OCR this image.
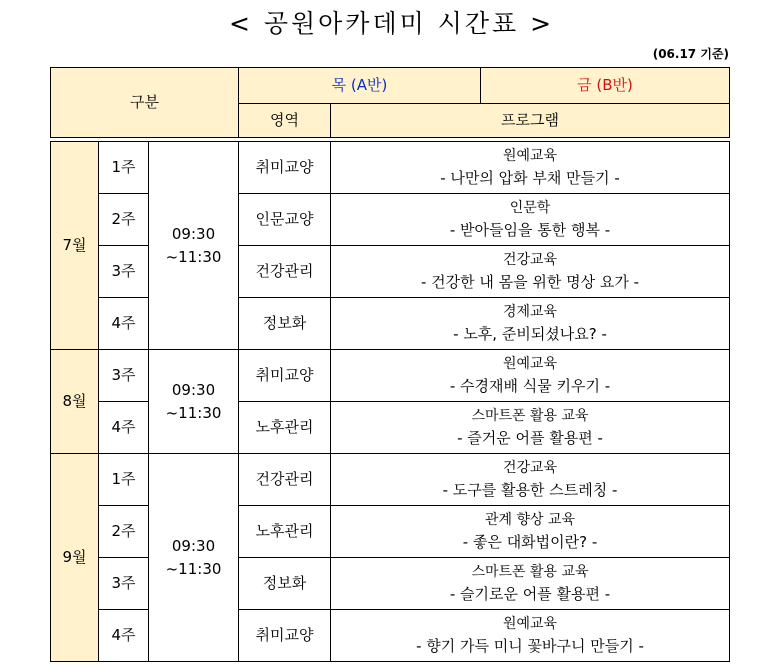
< 공원아카데미 시간표 >
(06.17 기준)
구분			목 (A반)		금 (B반)
			영역	프로그램	

7월	1주	09:30
~11:30	취미교양	원예교육
- 나만의 압화 부채 만들기 -	

	2주		인문교양	인문학
- 받아들임을 통한 행복 -	

	3주		건강관리	건강교육
- 건강한 내 몸을 위한 명상 요가 -	

	4주		정보화	경제교육
- 노후, 준비되셨나요? -	

8월	3주	09:30
~11:30	취미교양	원예교육
- 수경재배 식물 키우기 -	

	4주		노후관리	스마트폰 활용 교육
- 즐거운 어플 활용편 -	

9월	1주	09:30
~11:30	건강관리	건강교육
- 도구를 활용한 스트레칭 -	

	2주		노후관리	관계 향상 교육
- 좋은 대화법이란? -	

	3주		정보화	스마트폰 활용 교육
- 슬기로운 어플 활용편 -	

	4주		취미교양	원예교육
- 향기 가득 미니 꽃바구니 만들기 -	
